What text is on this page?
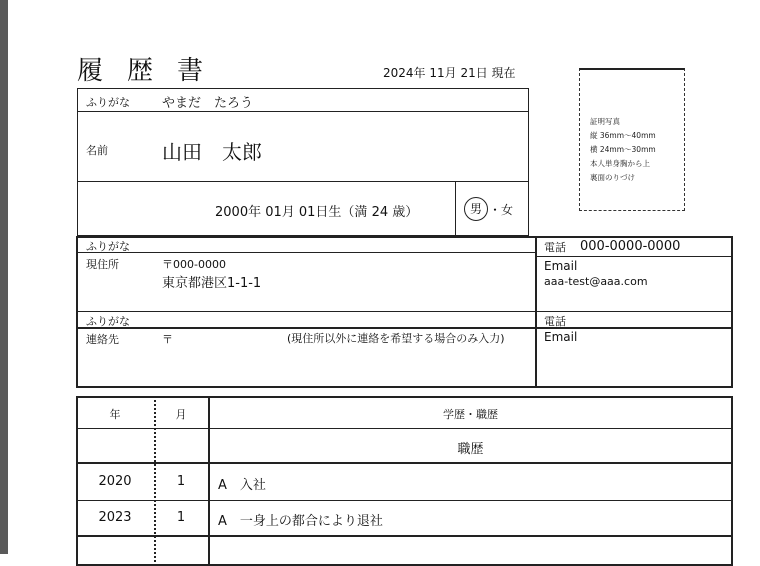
履 歴 書	2024年 11月 21日 現在
ふりがな やまだ　たろう
名前	山田　太郎
2000年 01月 01日生（満 24 歳）	男 ・女
証明写真
縦 36mm〜40mm
横 24mm〜30mm
本人単身胸から上
裏面のりづけ
ふりがな
現住所	〒000-0000
東京都港区1-1-1
電話 000-0000-0000
Email
aaa-test@aaa.com
ふりがな
連絡先	〒	(現住所以外に連絡を希望する場合のみ入力)
電話
Email
年	月	学歴・職歴
職歴
2020	1	A　入社
2023	1	A　一身上の都合により退社
